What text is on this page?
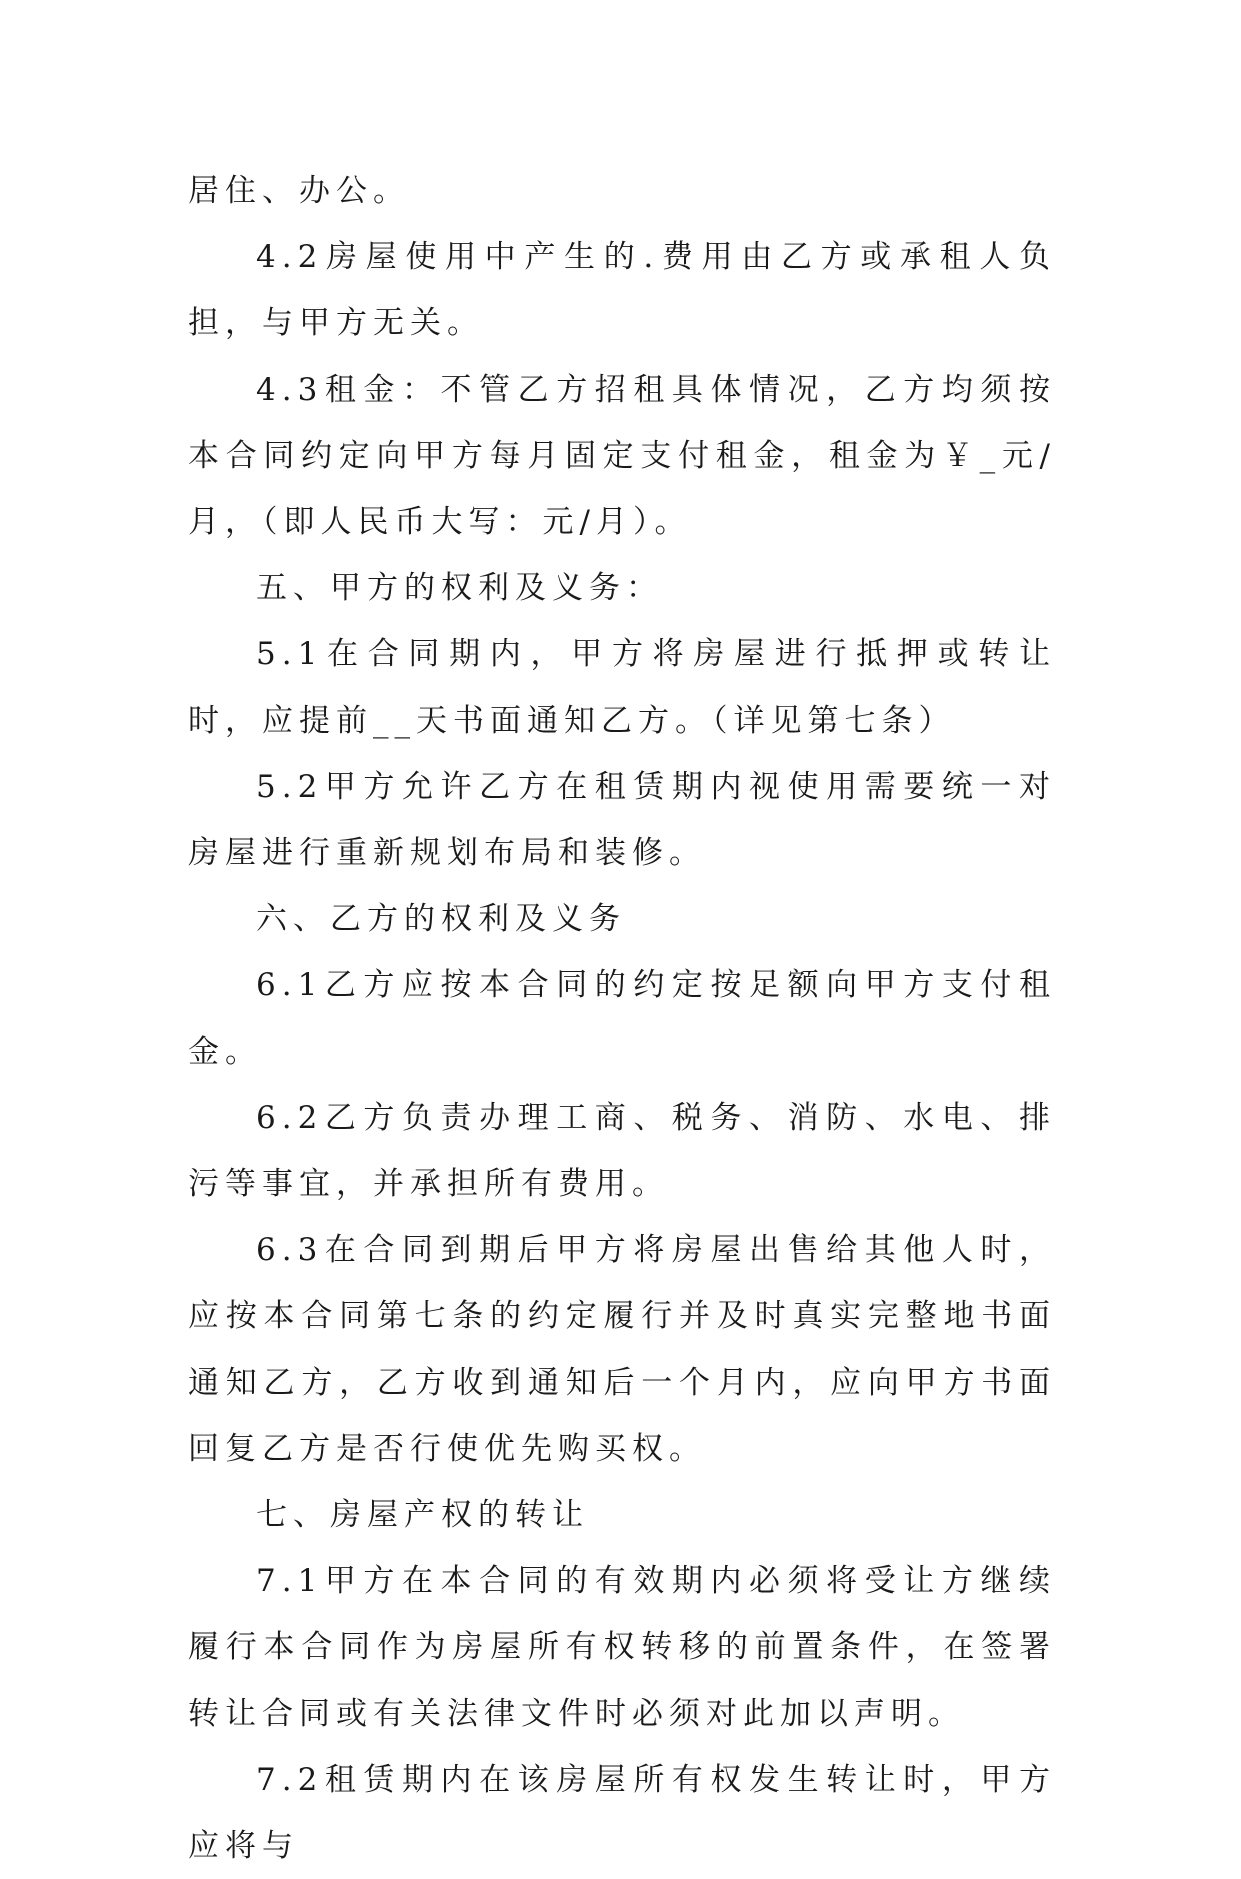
居住、办公。

4.2房屋使用中产生的.费用由乙方或承租人负担，与甲方无关。

4.3租金：不管乙方招租具体情况，乙方均须按本合同约定向甲方每月固定支付租金，租金为￥_元/月，（即人民币大写：元/月）。

五、甲方的权利及义务：

5.1在合同期内，甲方将房屋进行抵押或转让时，应提前__天书面通知乙方。（详见第七条）

5.2甲方允许乙方在租赁期内视使用需要统一对房屋进行重新规划布局和装修。

六、乙方的权利及义务

6.1乙方应按本合同的约定按足额向甲方支付租金。

6.2乙方负责办理工商、税务、消防、水电、排污等事宜，并承担所有费用。

6.3在合同到期后甲方将房屋出售给其他人时，应按本合同第七条的约定履行并及时真实完整地书面通知乙方，乙方收到通知后一个月内，应向甲方书面回复乙方是否行使优先购买权。

七、房屋产权的转让

7.1甲方在本合同的有效期内必须将受让方继续履行本合同作为房屋所有权转移的前置条件，在签署转让合同或有关法律文件时必须对此加以声明。

7.2租赁期内在该房屋所有权发生转让时，甲方应将与
